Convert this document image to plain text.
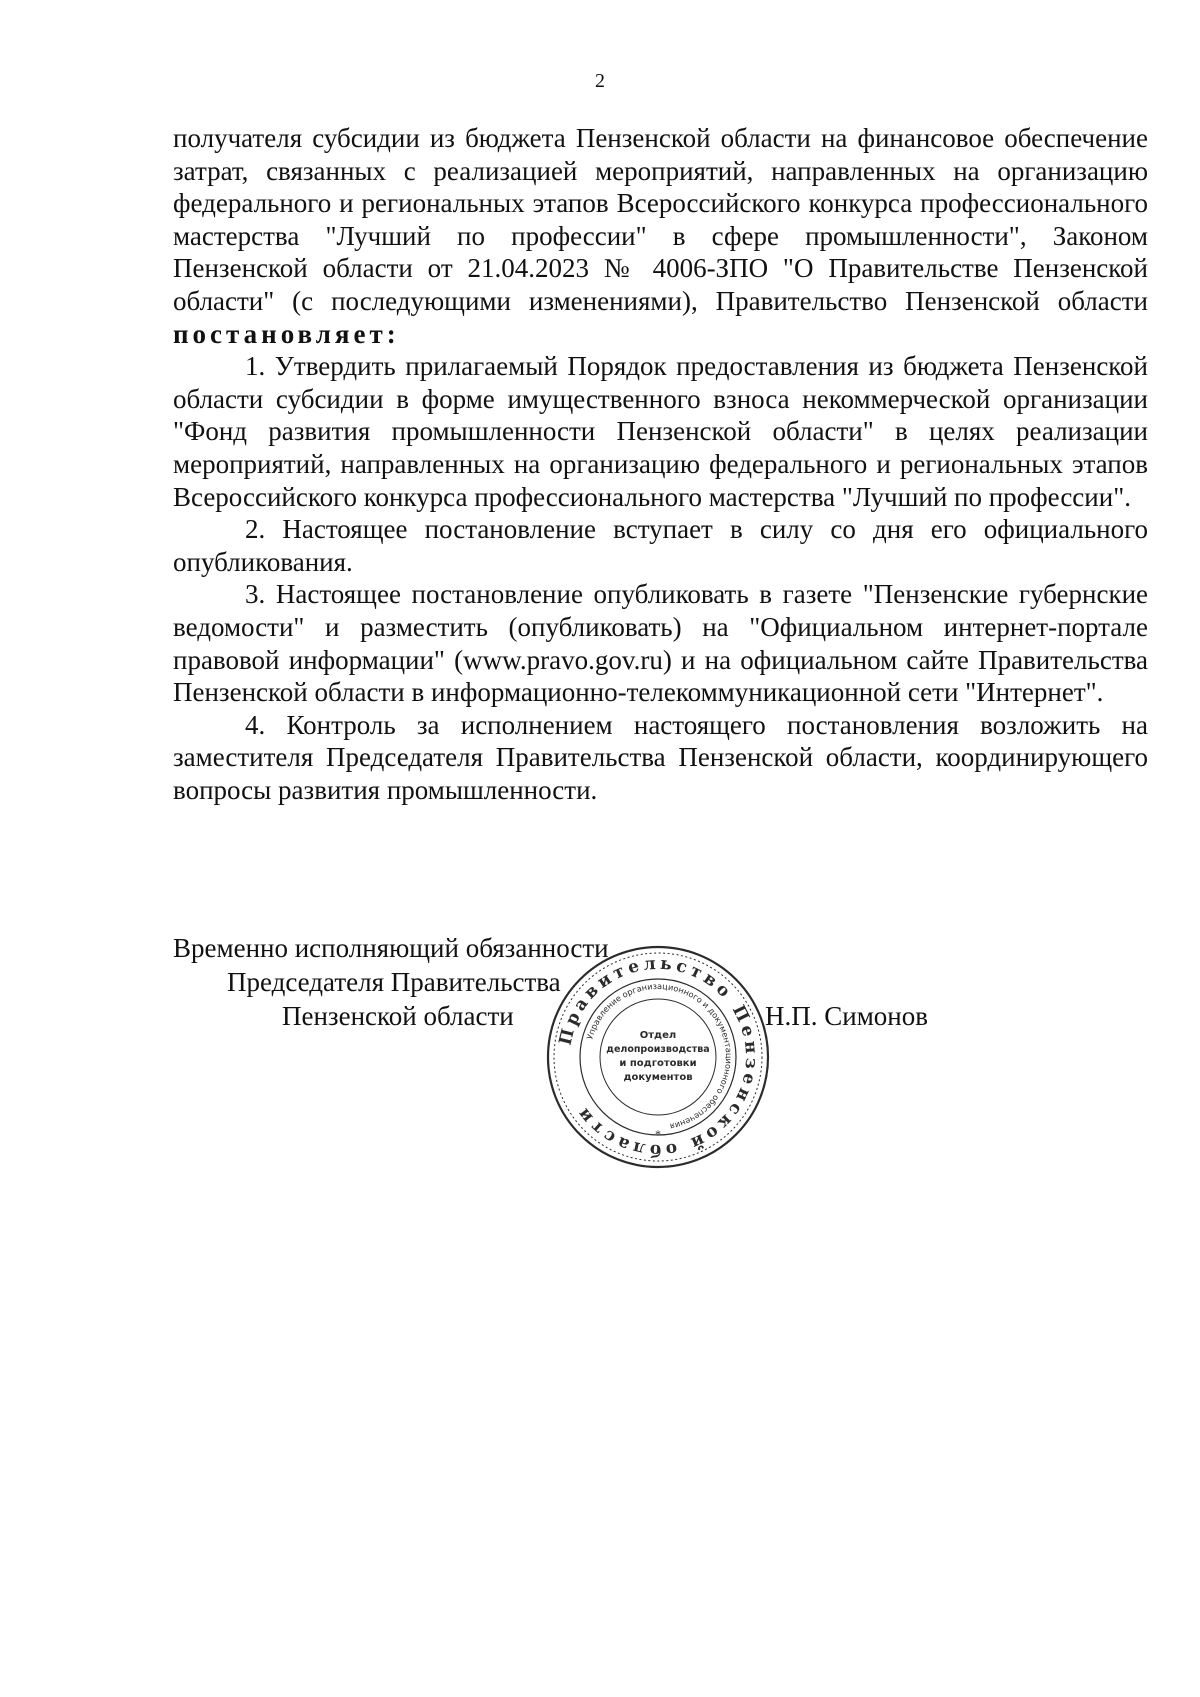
2

получателя субсидии из бюджета Пензенской области на финансовое обеспечение затрат, связанных с реализацией мероприятий, направленных на организацию федерального и региональных этапов Всероссийского конкурса профессионального мастерства "Лучший по профессии" в сфере промышленности", Законом Пензенской области от 21.04.2023 № 4006-ЗПО "О Правительстве Пензенской области" (с последующими изменениями), Правительство Пензенской области постановляет:

1. Утвердить прилагаемый Порядок предоставления из бюджета Пензенской области субсидии в форме имущественного взноса некоммерческой организации "Фонд развития промышленности Пензенской области" в целях реализации мероприятий, направленных на организацию федерального и региональных этапов Всероссийского конкурса профессионального мастерства "Лучший по профессии".

2. Настоящее постановление вступает в силу со дня его официального опубликования.

3. Настоящее постановление опубликовать в газете "Пензенские губернские ведомости" и разместить (опубликовать) на "Официальном интернет-портале правовой информации" (www.pravo.gov.ru) и на официальном сайте Правительства Пензенской области в информационно-телекоммуникационной сети "Интернет".

4. Контроль за исполнением настоящего постановления возложить на заместителя Председателя Правительства Пензенской области, координирующего вопросы развития промышленности.

Временно исполняющий обязанности
Председателя Правительства
Пензенской области	Н.П. Симонов
Правительство Пензенской области
Управление организационного и документационного обеспечения
Отдел
делопроизводства
и подготовки
документов
*
